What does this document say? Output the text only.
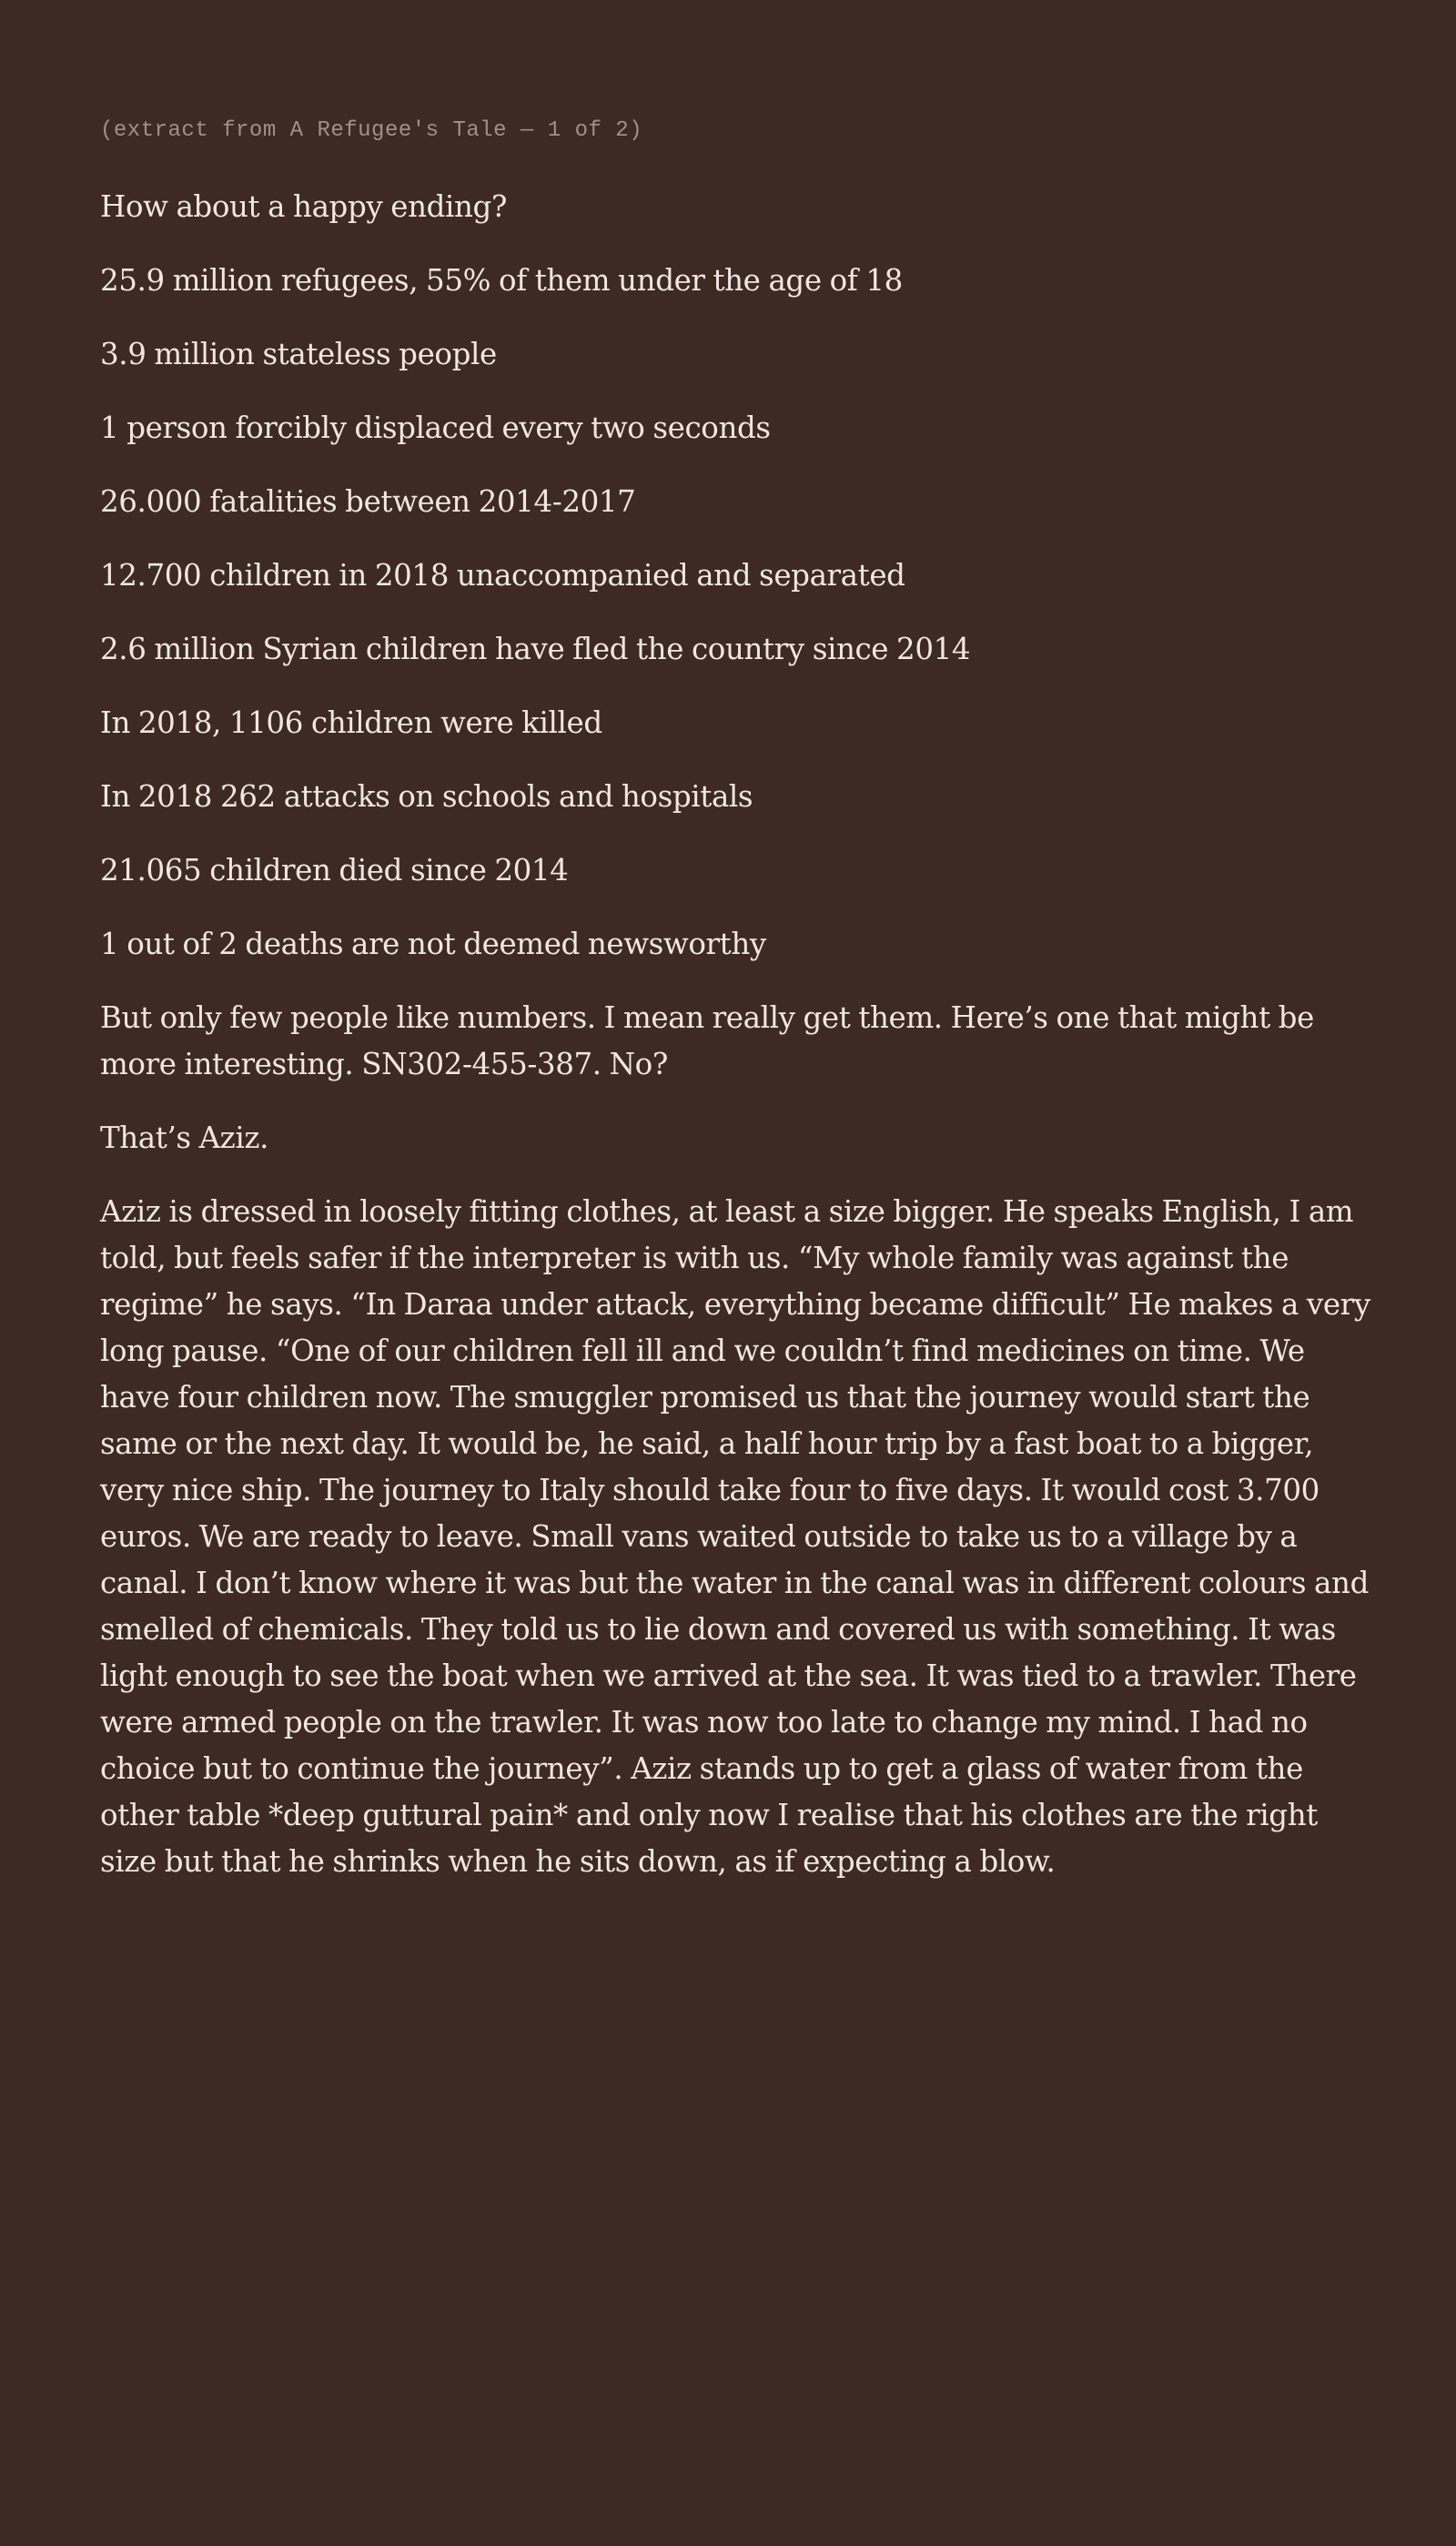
(extract from A Refugee's Tale — 1 of 2)

How about a happy ending?

25.9 million refugees, 55% of them under the age of 18

3.9 million stateless people

1 person forcibly displaced every two seconds

26.000 fatalities between 2014-2017

12.700 children in 2018 unaccompanied and separated

2.6 million Syrian children have fled the country since 2014

In 2018, 1106 children were killed

In 2018 262 attacks on schools and hospitals

21.065 children died since 2014

1 out of 2 deaths are not deemed newsworthy

But only few people like numbers. I mean really get them. Here’s one that might be more interesting. SN302-455-387. No?

That’s Aziz.

Aziz is dressed in loosely fitting clothes, at least a size bigger. He speaks English, I am told, but feels safer if the interpreter is with us. “My whole family was against the regime” he says. “In Daraa under attack, everything became difficult” He makes a very long pause. “One of our children fell ill and we couldn’t find medicines on time. We have four children now. The smuggler promised us that the journey would start the same or the next day. It would be, he said, a half hour trip by a fast boat to a bigger, very nice ship. The journey to Italy should take four to five days. It would cost 3.700 euros. We are ready to leave. Small vans waited outside to take us to a village by a canal. I don’t know where it was but the water in the canal was in different colours and smelled of chemicals. They told us to lie down and covered us with something. It was light enough to see the boat when we arrived at the sea. It was tied to a trawler. There were armed people on the trawler. It was now too late to change my mind. I had no choice but to continue the journey”. Aziz stands up to get a glass of water from the other table *deep guttural pain* and only now I realise that his clothes are the right size but that he shrinks when he sits down, as if expecting a blow.
